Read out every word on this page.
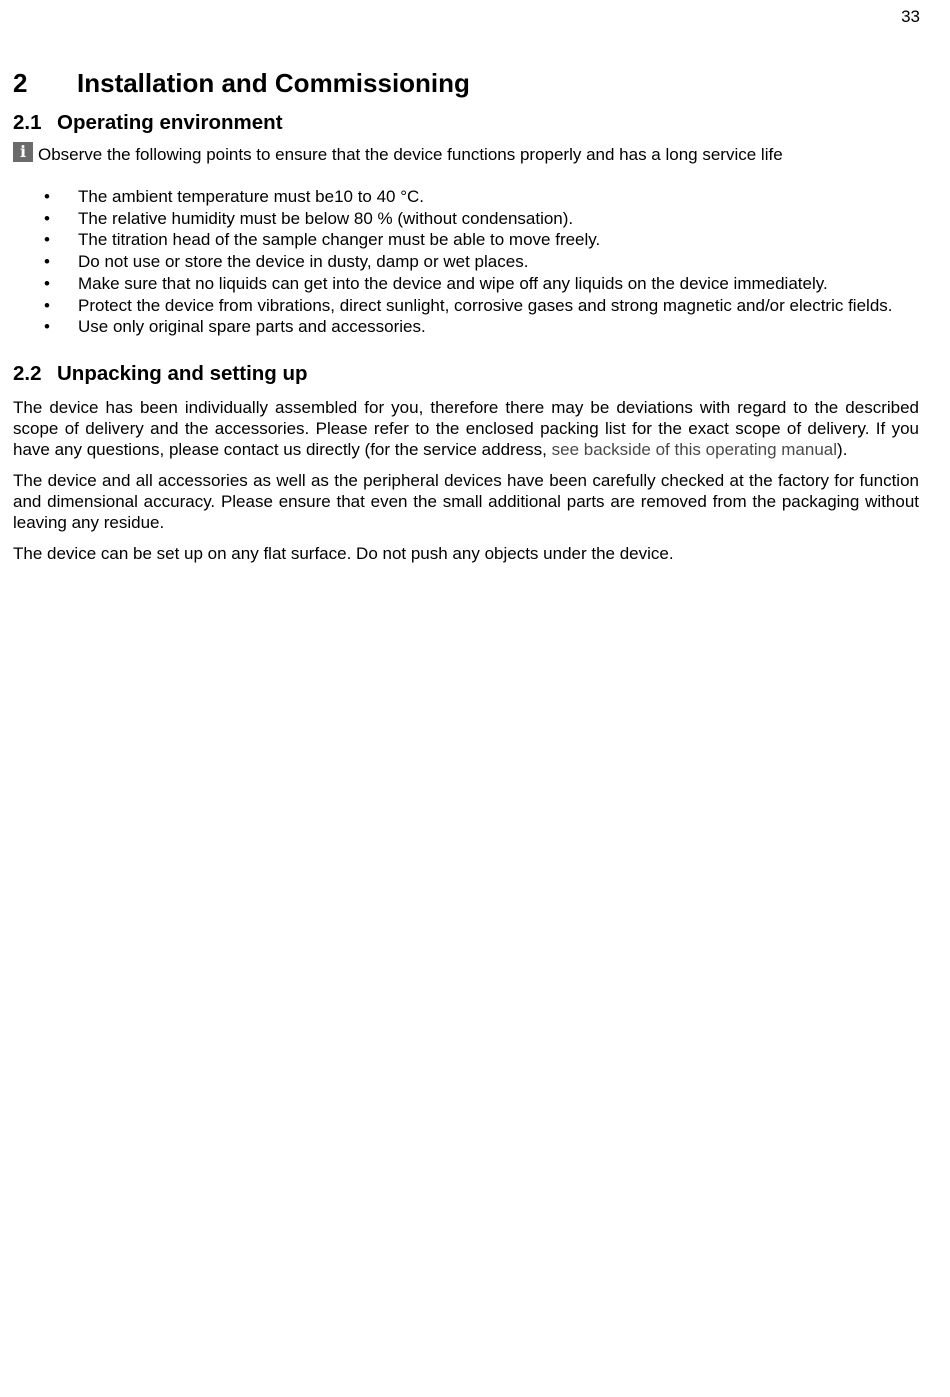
33
2	Installation and Commissioning
2.1 Operating environment
i Observe the following points to ensure that the device functions properly and has a long service life
• The ambient temperature must be10 to 40 °C.
• The relative humidity must be below 80 % (without condensation).
• The titration head of the sample changer must be able to move freely.
• Do not use or store the device in dusty, damp or wet places.
• Make sure that no liquids can get into the device and wipe off any liquids on the device immediately.
• Protect the device from vibrations, direct sunlight, corrosive gases and strong magnetic and/or electric fields.
• Use only original spare parts and accessories.
2.2 Unpacking and setting up

The device has been individually assembled for you, therefore there may be deviations with regard to the described scope of delivery and the accessories. Please refer to the enclosed packing list for the exact scope of delivery. If you have any questions, please contact us directly (for the service address, see backside of this operating manual).

The device and all accessories as well as the peripheral devices have been carefully checked at the factory for function and dimensional accuracy. Please ensure that even the small additional parts are removed from the packaging without leaving any residue.

The device can be set up on any flat surface. Do not push any objects under the device.
